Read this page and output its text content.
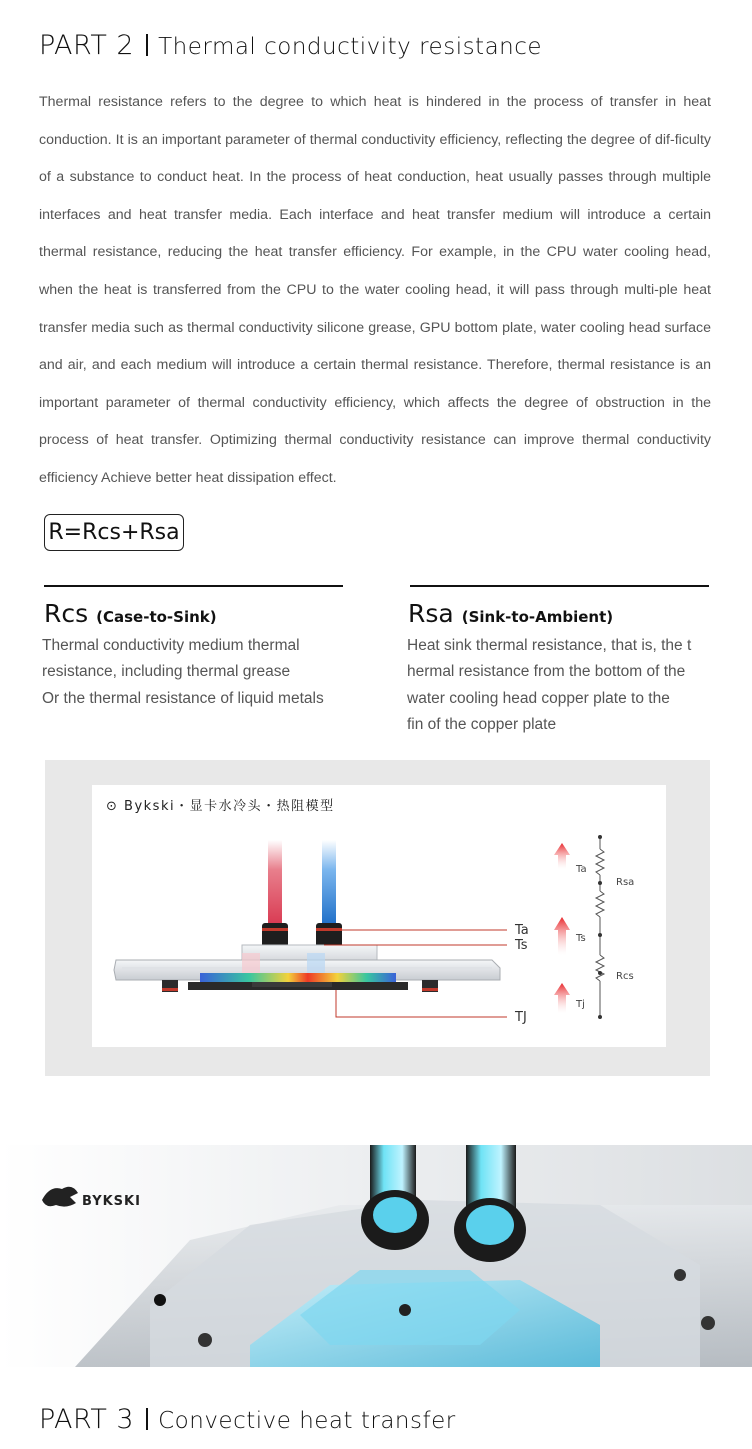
PART 2 Thermal conductivity resistance
Thermal resistance refers to the degree to which heat is hindered in the process of transfer in heat conduction. It is an important parameter of thermal conductivity efficiency, reflecting the degree of dif-ficulty of a substance to conduct heat. In the process of heat conduction, heat usually passes through multiple interfaces and heat transfer media. Each interface and heat transfer medium will introduce a certain thermal resistance, reducing the heat transfer efficiency. For example, in the CPU water cooling head, when the heat is transferred from the CPU to the water cooling head, it will pass through multi-ple heat transfer media such as thermal conductivity silicone grease, GPU bottom plate, water cooling head surface and air, and each medium will introduce a certain thermal resistance. Therefore, thermal resistance is an important parameter of thermal conductivity efficiency, which affects the degree of obstruction in the process of heat transfer. Optimizing thermal conductivity resistance can improve thermal conductivity efficiency Achieve better heat dissipation effect.
R=Rcs+Rsa
Rcs (Case-to-Sink)
Thermal conductivity medium thermal
resistance, including thermal grease
Or the thermal resistance of liquid metals
Rsa (Sink-to-Ambient)
Heat sink thermal resistance, that is, the t
hermal resistance from the bottom of the
water cooling head copper plate to the
fin of the copper plate
Ta
Ts
TJ
Ta
Rsa
Ts
Rcs
Tj
⊙ Bykski・显卡水冷头・热阻模型
BYKSKI
PART 3 Convective heat transfer
